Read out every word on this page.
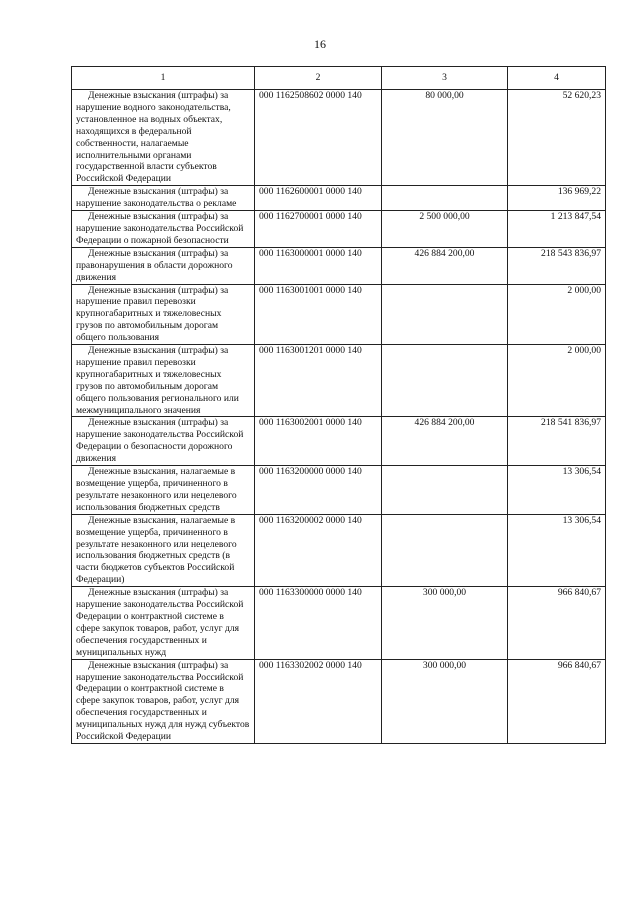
16
1	2	3	4
Денежные взыскания (штрафы) за нарушение водного законодательства, установленное на водных объектах, находящихся в федеральной собственности, налагаемые исполнительными органами государственной власти субъектов Российской Федерации	000 1162508602 0000 140	80 000,00	52 620,23
Денежные взыскания (штрафы) за нарушение законодательства о рекламе	000 1162600001 0000 140		136 969,22
Денежные взыскания (штрафы) за нарушение законодательства Российской Федерации о пожарной безопасности	000 1162700001 0000 140	2 500 000,00	1 213 847,54
Денежные взыскания (штрафы) за правонарушения в области дорожного движения	000 1163000001 0000 140	426 884 200,00	218 543 836,97
Денежные взыскания (штрафы) за нарушение правил перевозки крупногабаритных и тяжеловесных грузов по автомобильным дорогам общего пользования	000 1163001001 0000 140		2 000,00
Денежные взыскания (штрафы) за нарушение правил перевозки крупногабаритных и тяжеловесных грузов по автомобильным дорогам общего пользования регионального или межмуниципального значения	000 1163001201 0000 140		2 000,00
Денежные взыскания (штрафы) за нарушение законодательства Российской Федерации о безопасности дорожного движения	000 1163002001 0000 140	426 884 200,00	218 541 836,97
Денежные взыскания, налагаемые в возмещение ущерба, причиненного в результате незаконного или нецелевого использования бюджетных средств	000 1163200000 0000 140		13 306,54
Денежные взыскания, налагаемые в возмещение ущерба, причиненного в результате незаконного или нецелевого использования бюджетных средств (в части бюджетов субъектов Российской Федерации)	000 1163200002 0000 140		13 306,54
Денежные взыскания (штрафы) за нарушение законодательства Российской Федерации о контрактной системе в сфере закупок товаров, работ, услуг для обеспечения государственных и муниципальных нужд	000 1163300000 0000 140	300 000,00	966 840,67
Денежные взыскания (штрафы) за нарушение законодательства Российской Федерации о контрактной системе в сфере закупок товаров, работ, услуг для обеспечения государственных и муниципальных нужд для нужд субъектов Российской Федерации	000 1163302002 0000 140	300 000,00	966 840,67
